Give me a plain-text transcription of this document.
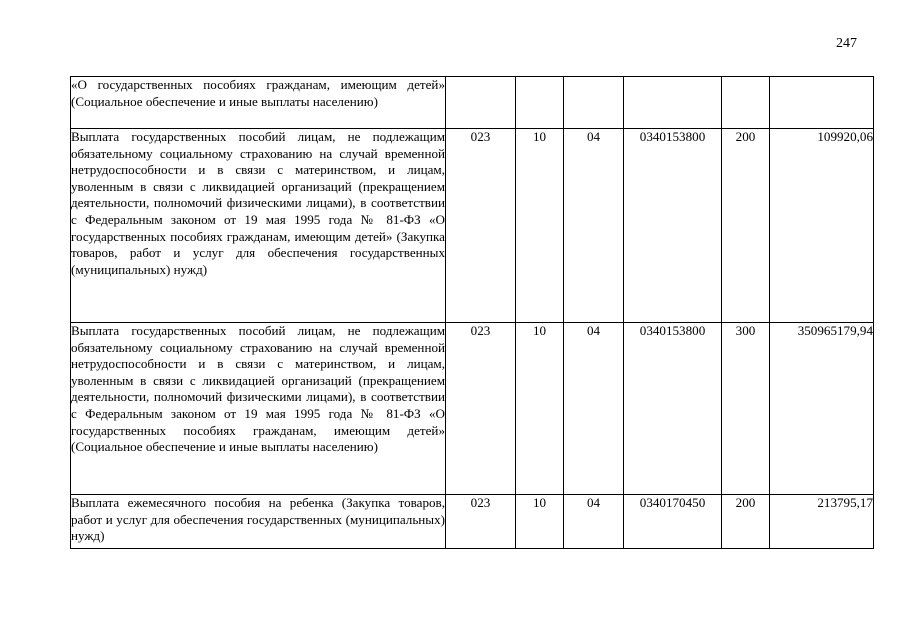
247
«О государственных пособиях гражданам, имеющим детей» (Социальное обеспечение и иные выплаты населению)						
Выплата государственных пособий лицам, не подлежащим обязательному социальному страхованию на случай временной нетрудоспособности и в связи с материнством, и лицам, уволенным в связи с ликвидацией организаций (прекращением деятельности, полномочий физическими лицами), в соответствии с Федеральным законом от 19 мая 1995 года № 81-ФЗ «О государственных пособиях гражданам, имеющим детей» (Закупка товаров, работ и услуг для обеспечения государственных (муниципальных) нужд)	023	10	04	0340153800	200	109920,06
Выплата государственных пособий лицам, не подлежащим обязательному социальному страхованию на случай временной нетрудоспособности и в связи с материнством, и лицам, уволенным в связи с ликвидацией организаций (прекращением деятельности, полномочий физическими лицами), в соответствии с Федеральным законом от 19 мая 1995 года № 81-ФЗ «О государственных пособиях гражданам, имеющим детей» (Социальное обеспечение и иные выплаты населению)	023	10	04	0340153800	300	350965179,94
Выплата ежемесячного пособия на ребенка (Закупка товаров, работ и услуг для обеспечения государственных (муниципальных) нужд)	023	10	04	0340170450	200	213795,17
